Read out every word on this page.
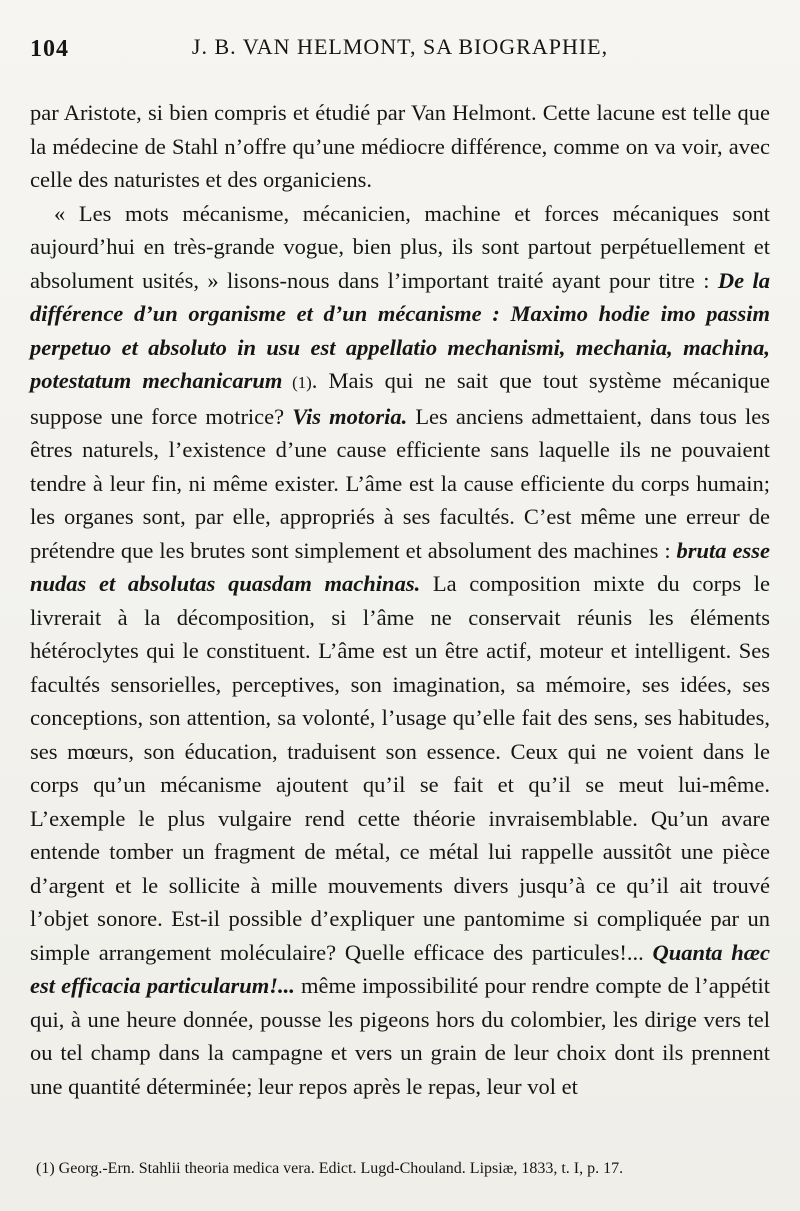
104	J. B. VAN HELMONT, SA BIOGRAPHIE,

par Aristote, si bien compris et étudié par Van Helmont. Cette lacune est telle que la médecine de Stahl n’offre qu’une médiocre différence, comme on va voir, avec celle des naturistes et des organiciens.

« Les mots mécanisme, mécanicien, machine et forces mécaniques sont aujourd’hui en très-grande vogue, bien plus, ils sont partout perpétuellement et absolument usités, » lisons-nous dans l’important traité ayant pour titre : De la différence d’un organisme et d’un mécanisme : Maximo hodie imo passim perpetuo et absoluto in usu est appellatio mechanismi, mechania, machina, potestatum mechanicarum (1). Mais qui ne sait que tout système mécanique suppose une force motrice? Vis motoria. Les anciens admettaient, dans tous les êtres naturels, l’existence d’une cause efficiente sans laquelle ils ne pouvaient tendre à leur fin, ni même exister. L’âme est la cause efficiente du corps humain; les organes sont, par elle, appropriés à ses facultés. C’est même une erreur de prétendre que les brutes sont simplement et absolument des machines : bruta esse nudas et absolutas quasdam machinas. La composition mixte du corps le livrerait à la décomposition, si l’âme ne conservait réunis les éléments hétéroclytes qui le constituent. L’âme est un être actif, moteur et intelligent. Ses facultés sensorielles, perceptives, son imagination, sa mémoire, ses idées, ses conceptions, son attention, sa volonté, l’usage qu’elle fait des sens, ses habitudes, ses mœurs, son éducation, traduisent son essence. Ceux qui ne voient dans le corps qu’un mécanisme ajoutent qu’il se fait et qu’il se meut lui-même. L’exemple le plus vulgaire rend cette théorie invraisemblable. Qu’un avare entende tomber un fragment de métal, ce métal lui rappelle aussitôt une pièce d’argent et le sollicite à mille mouvements divers jusqu’à ce qu’il ait trouvé l’objet sonore. Est-il possible d’expliquer une pantomime si compliquée par un simple arrangement moléculaire? Quelle efficace des particules!... Quanta hæc est efficacia particularum!... même impossibilité pour rendre compte de l’appétit qui, à une heure donnée, pousse les pigeons hors du colombier, les dirige vers tel ou tel champ dans la campagne et vers un grain de leur choix dont ils prennent une quantité déterminée; leur repos après le repas, leur vol et

(1) Georg.-Ern. Stahlii theoria medica vera. Edict. Lugd-Chouland. Lipsiæ, 1833, t. I, p. 17.
